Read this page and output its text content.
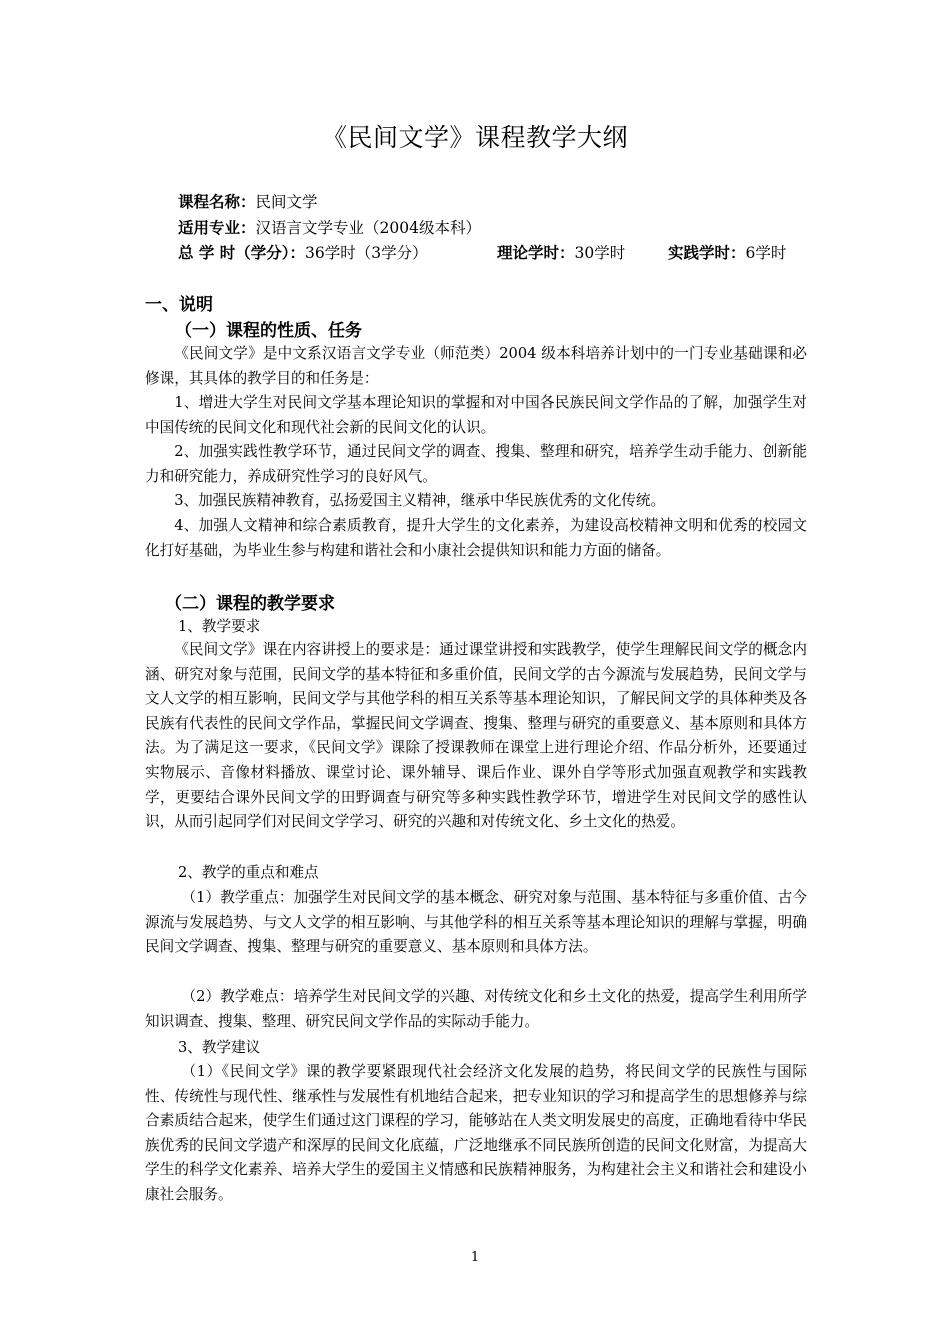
《民间文学》课程教学大纲
课程名称：民间文学
适用专业：汉语言文学专业（2004级本科）
总 学 时（学分）：36学时（3学分）	理论学时：30学时	实践学时：6学时
一、说明
（一）课程的性质、任务

《民间文学》是中文系汉语言文学专业（师范类）2004 级本科培养计划中的一门专业基础课和必修课，其具体的教学目的和任务是：

1、增进大学生对民间文学基本理论知识的掌握和对中国各民族民间文学作品的了解，加强学生对中国传统的民间文化和现代社会新的民间文化的认识。

2、加强实践性教学环节，通过民间文学的调查、搜集、整理和研究，培养学生动手能力、创新能力和研究能力，养成研究性学习的良好风气。

3、加强民族精神教育，弘扬爱国主义精神，继承中华民族优秀的文化传统。

4、加强人文精神和综合素质教育，提升大学生的文化素养，为建设高校精神文明和优秀的校园文化打好基础，为毕业生参与构建和谐社会和小康社会提供知识和能力方面的储备。

（二）课程的教学要求
1、教学要求

《民间文学》课在内容讲授上的要求是：通过课堂讲授和实践教学，使学生理解民间文学的概念内涵、研究对象与范围，民间文学的基本特征和多重价值，民间文学的古今源流与发展趋势，民间文学与文人文学的相互影响，民间文学与其他学科的相互关系等基本理论知识，了解民间文学的具体种类及各民族有代表性的民间文学作品，掌握民间文学调查、搜集、整理与研究的重要意义、基本原则和具体方法。为了满足这一要求，《民间文学》课除了授课教师在课堂上进行理论介绍、作品分析外，还要通过实物展示、音像材料播放、课堂讨论、课外辅导、课后作业、课外自学等形式加强直观教学和实践教学，更要结合课外民间文学的田野调查与研究等多种实践性教学环节，增进学生对民间文学的感性认识，从而引起同学们对民间文学学习、研究的兴趣和对传统文化、乡土文化的热爱。

2、教学的重点和难点

（1）教学重点：加强学生对民间文学的基本概念、研究对象与范围、基本特征与多重价值、古今源流与发展趋势、与文人文学的相互影响、与其他学科的相互关系等基本理论知识的理解与掌握，明确民间文学调查、搜集、整理与研究的重要意义、基本原则和具体方法。

（2）教学难点：培养学生对民间文学的兴趣、对传统文化和乡土文化的热爱，提高学生利用所学知识调查、搜集、整理、研究民间文学作品的实际动手能力。

3、教学建议

（1）《民间文学》课的教学要紧跟现代社会经济文化发展的趋势，将民间文学的民族性与国际性、传统性与现代性、继承性与发展性有机地结合起来，把专业知识的学习和提高学生的思想修养与综合素质结合起来，使学生们通过这门课程的学习，能够站在人类文明发展史的高度，正确地看待中华民族优秀的民间文学遗产和深厚的民间文化底蕴，广泛地继承不同民族所创造的民间文化财富，为提高大学生的科学文化素养、培养大学生的爱国主义情感和民族精神服务，为构建社会主义和谐社会和建设小康社会服务。

1
